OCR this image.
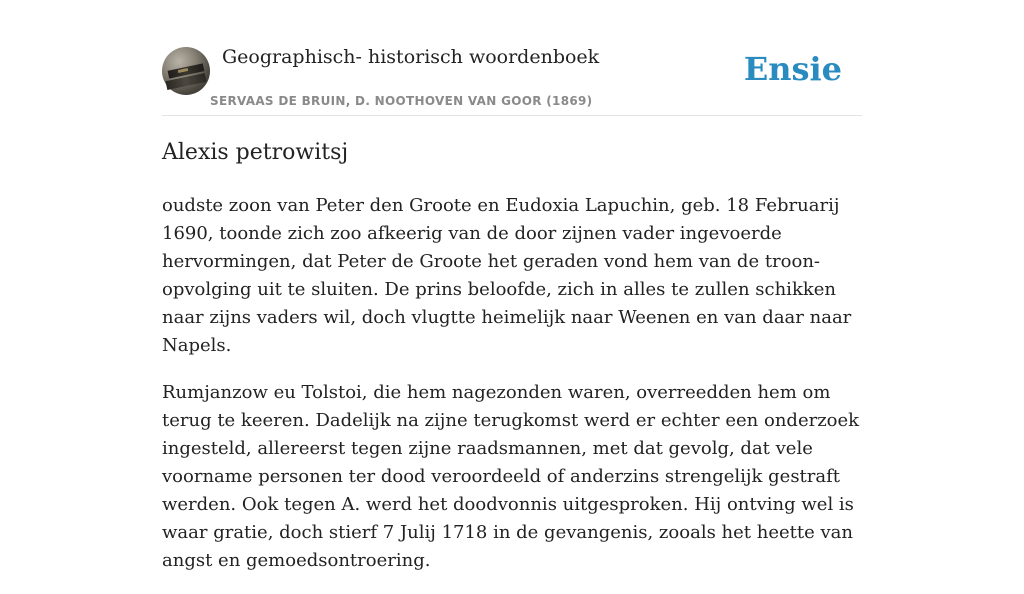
Geographisch- historisch woordenboek
SERVAAS DE BRUIN, D. NOOTHOVEN VAN GOOR (1869)
Ensie
Alexis petrowitsj

oudste zoon van Peter den Groote en Eudoxia Lapuchin, geb. 18 Februarij 1690, toonde zich zoo afkeerig van de door zijnen vader ingevoerde hervormingen, dat Peter de Groote het geraden vond hem van de troon-opvolging uit te sluiten. De prins beloofde, zich in alles te zullen schikken naar zijns vaders wil, doch vlugtte heimelijk naar Weenen en van daar naar Napels.

Rumjanzow eu Tolstoi, die hem nagezonden waren, overreedden hem om terug te keeren. Dadelijk na zijne terugkomst werd er echter een onderzoek ingesteld, allereerst tegen zijne raadsmannen, met dat gevolg, dat vele voorname personen ter dood veroordeeld of anderzins strengelijk gestraft werden. Ook tegen A. werd het doodvonnis uitgesproken. Hij ontving wel is waar gratie, doch stierf 7 Julij 1718 in de gevangenis, zooals het heette van angst en gemoedsontroering.
